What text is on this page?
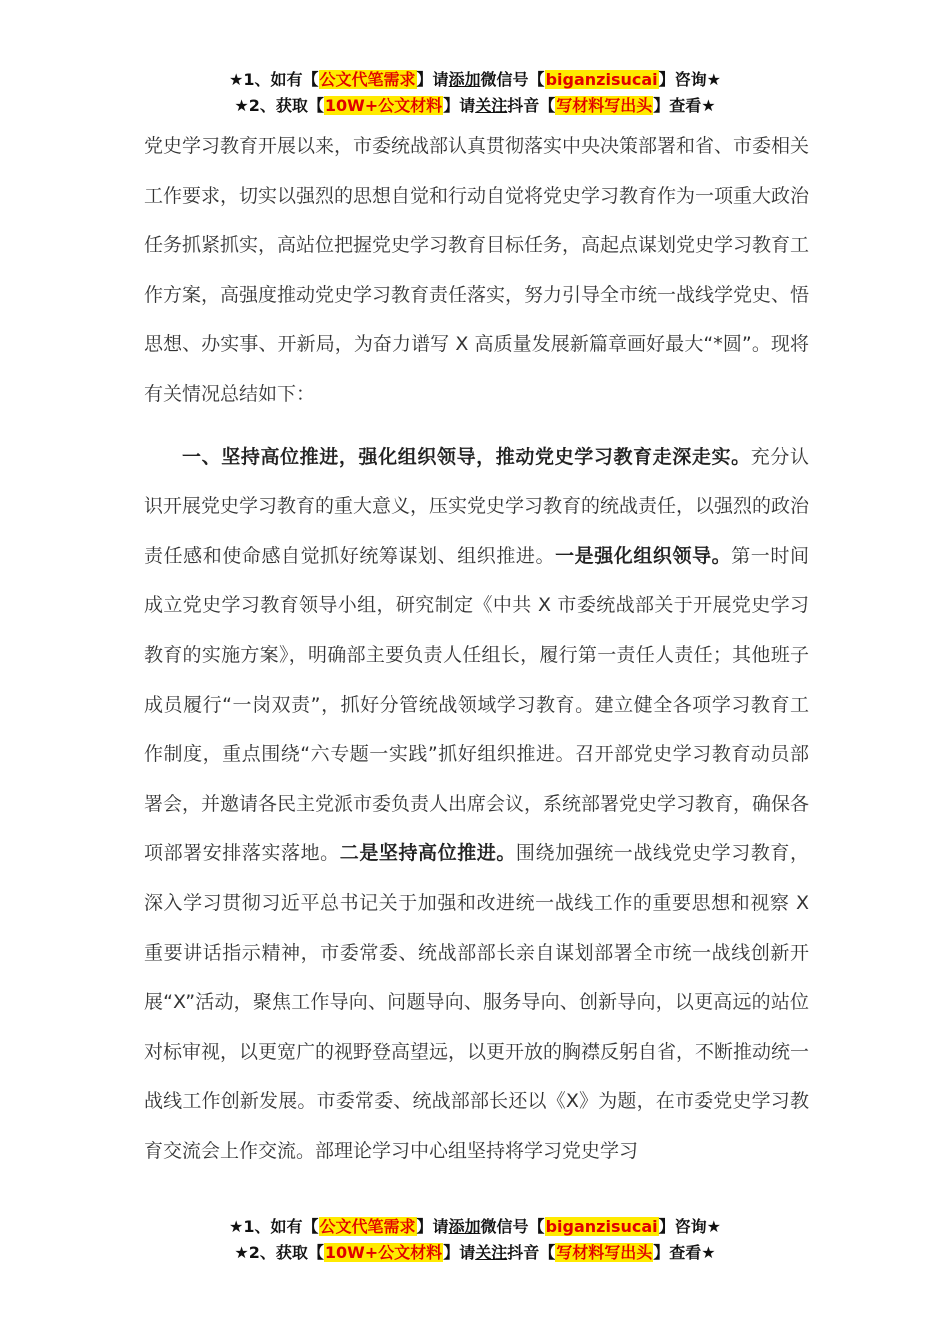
★1、如有【公文代笔需求】请添加微信号【biganzisucai】咨询★
★2、获取【10W+公文材料】请关注抖音【写材料写出头】查看★

党史学习教育开展以来，市委统战部认真贯彻落实中央决策部署和省、市委相关工作要求，切实以强烈的思想自觉和行动自觉将党史学习教育作为一项重大政治任务抓紧抓实，高站位把握党史学习教育目标任务，高起点谋划党史学习教育工作方案，高强度推动党史学习教育责任落实，努力引导全市统一战线学党史、悟思想、办实事、开新局，为奋力谱写 X 高质量发展新篇章画好最大“*圆”。现将有关情况总结如下：

一、坚持高位推进，强化组织领导，推动党史学习教育走深走实。充分认识开展党史学习教育的重大意义，压实党史学习教育的统战责任，以强烈的政治责任感和使命感自觉抓好统筹谋划、组织推进。一是强化组织领导。第一时间成立党史学习教育领导小组，研究制定《中共 X 市委统战部关于开展党史学习教育的实施方案》，明确部主要负责人任组长，履行第一责任人责任；其他班子成员履行“一岗双责”，抓好分管统战领域学习教育。建立健全各项学习教育工作制度，重点围绕“六专题一实践”抓好组织推进。召开部党史学习教育动员部署会，并邀请各民主党派市委负责人出席会议，系统部署党史学习教育，确保各项部署安排落实落地。二是坚持高位推进。围绕加强统一战线党史学习教育，深入学习贯彻习近平总书记关于加强和改进统一战线工作的重要思想和视察 X 重要讲话指示精神，市委常委、统战部部长亲自谋划部署全市统一战线创新开展“X”活动，聚焦工作导向、问题导向、服务导向、创新导向，以更高远的站位对标审视，以更宽广的视野登高望远，以更开放的胸襟反躬自省，不断推动统一战线工作创新发展。市委常委、统战部部长还以《X》为题，在市委党史学习教育交流会上作交流。部理论学习中心组坚持将学习党史学习

★1、如有【公文代笔需求】请添加微信号【biganzisucai】咨询★
★2、获取【10W+公文材料】请关注抖音【写材料写出头】查看★
